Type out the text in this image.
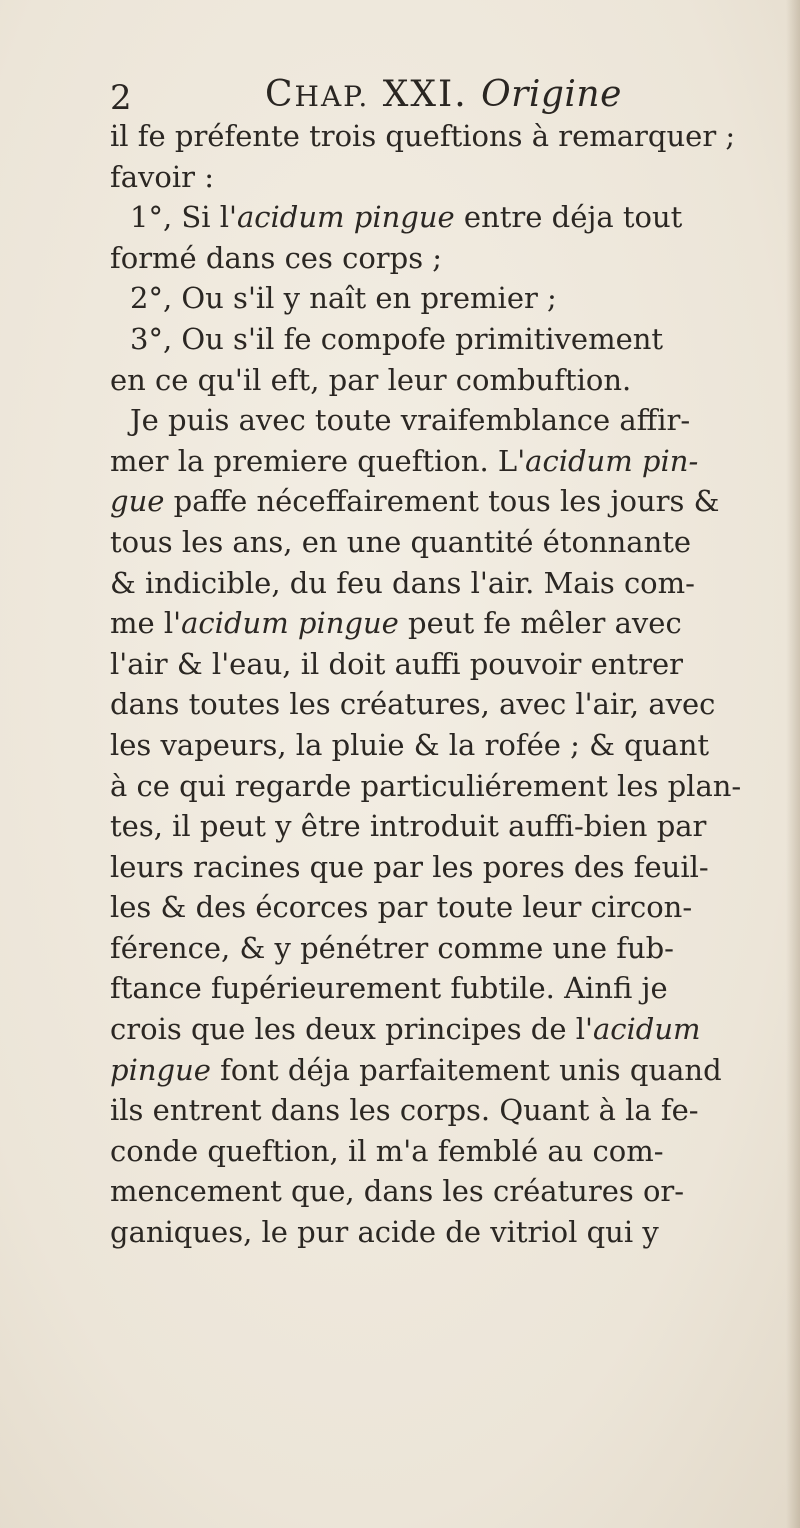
2	CHAP. XXI. Origine
il fe préfente trois queftions à remarquer ;
favoir :
1°, Si l'acidum pingue entre déja tout
formé dans ces corps ;
2°, Ou s'il y naît en premier ;
3°, Ou s'il fe compofe primitivement
en ce qu'il eft, par leur combuftion.
Je puis avec toute vraifemblance affir-
mer la premiere queftion. L'acidum pin-
gue paffe néceffairement tous les jours &
tous les ans, en une quantité étonnante
& indicible, du feu dans l'air. Mais com-
me l'acidum pingue peut fe mêler avec
l'air & l'eau, il doit auffi pouvoir entrer
dans toutes les créatures, avec l'air, avec
les vapeurs, la pluie & la rofée ; & quant
à ce qui regarde particuliérement les plan-
tes, il peut y être introduit auffi-bien par
leurs racines que par les pores des feuil-
les & des écorces par toute leur circon-
férence, & y pénétrer comme une fub-
ftance fupérieurement fubtile. Ainfi je
crois que les deux principes de l'acidum
pingue font déja parfaitement unis quand
ils entrent dans les corps. Quant à la fe-
conde queftion, il m'a femblé au com-
mencement que, dans les créatures or-
ganiques, le pur acide de vitriol qui y
